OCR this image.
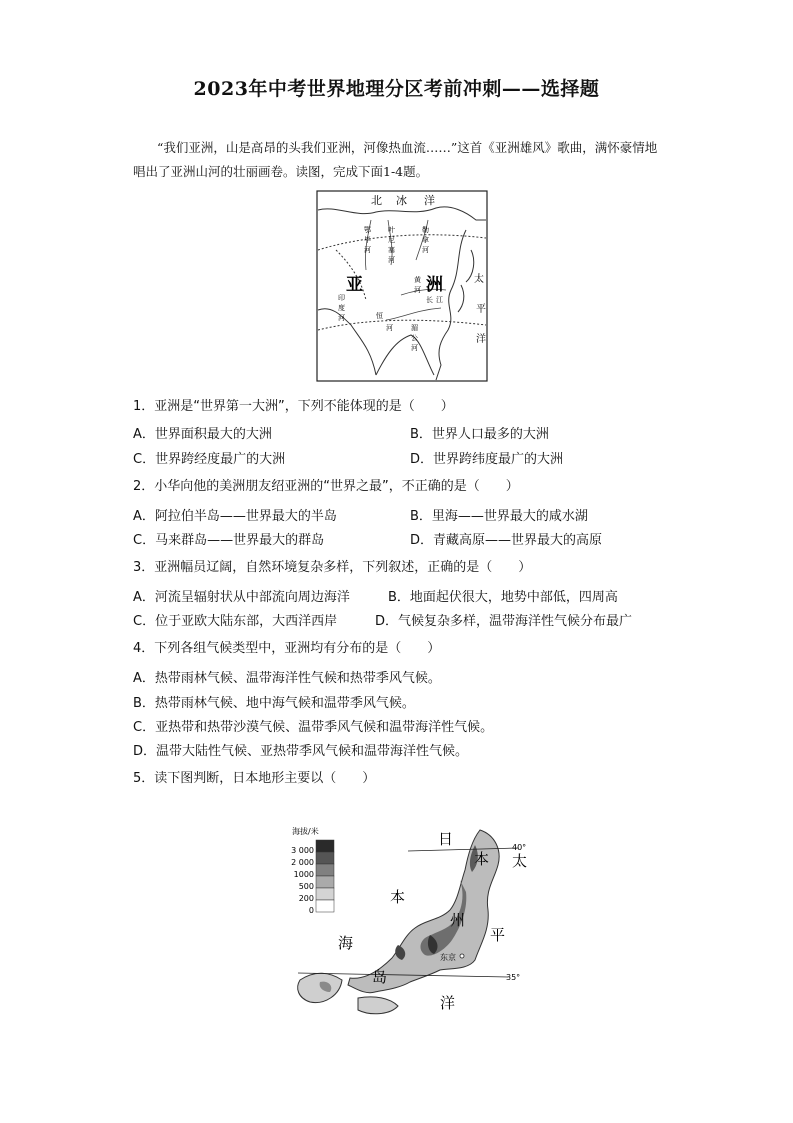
2023年中考世界地理分区考前冲刺——选择题
“我们亚洲，山是高昂的头我们亚洲，河像热血流……”这首《亚洲雄风》歌曲，满怀豪情地唱出了亚洲山河的壮丽画卷。读图，完成下面1-4题。
北 冰 洋
亚	洲	太
平
洋
鄂
毕
河
叶
尼
塞
河
勒
拿
河
恒
河
长 江
黄
河
印
度
河
湄
公
河
1．亚洲是“世界第一大洲”，下列不能体现的是（　　）
A．世界面积最大的大洲	B．世界人口最多的大洲
C．世界跨经度最广的大洲	D．世界跨纬度最广的大洲
2．小华向他的美洲朋友绍亚洲的“世界之最”，不正确的是（　　）
A．阿拉伯半岛——世界最大的半岛	B．里海——世界最大的咸水湖
C．马来群岛——世界最大的群岛	D．青藏高原——世界最大的高原
3．亚洲幅员辽阔，自然环境复杂多样，下列叙述，正确的是（　　）
A．河流呈辐射状从中部流向周边海洋	B．地面起伏很大，地势中部低，四周高
C．位于亚欧大陆东部，大西洋西岸	D．气候复杂多样，温带海洋性气候分布最广
4．下列各组气候类型中，亚洲均有分布的是（　　）
A．热带雨林气候、温带海洋性气候和热带季风气候。
B．热带雨林气候、地中海气候和温带季风气候。
C．亚热带和热带沙漠气候、温带季风气候和温带海洋性气候。
D．温带大陆性气候、亚热带季风气候和温带海洋性气候。
5．读下图判断，日本地形主要以（　　）
海拔/米
3 000
2 000
1000
500
200
0
40°
35°
东京
日
本
海
太
平
洋
本
州
岛
